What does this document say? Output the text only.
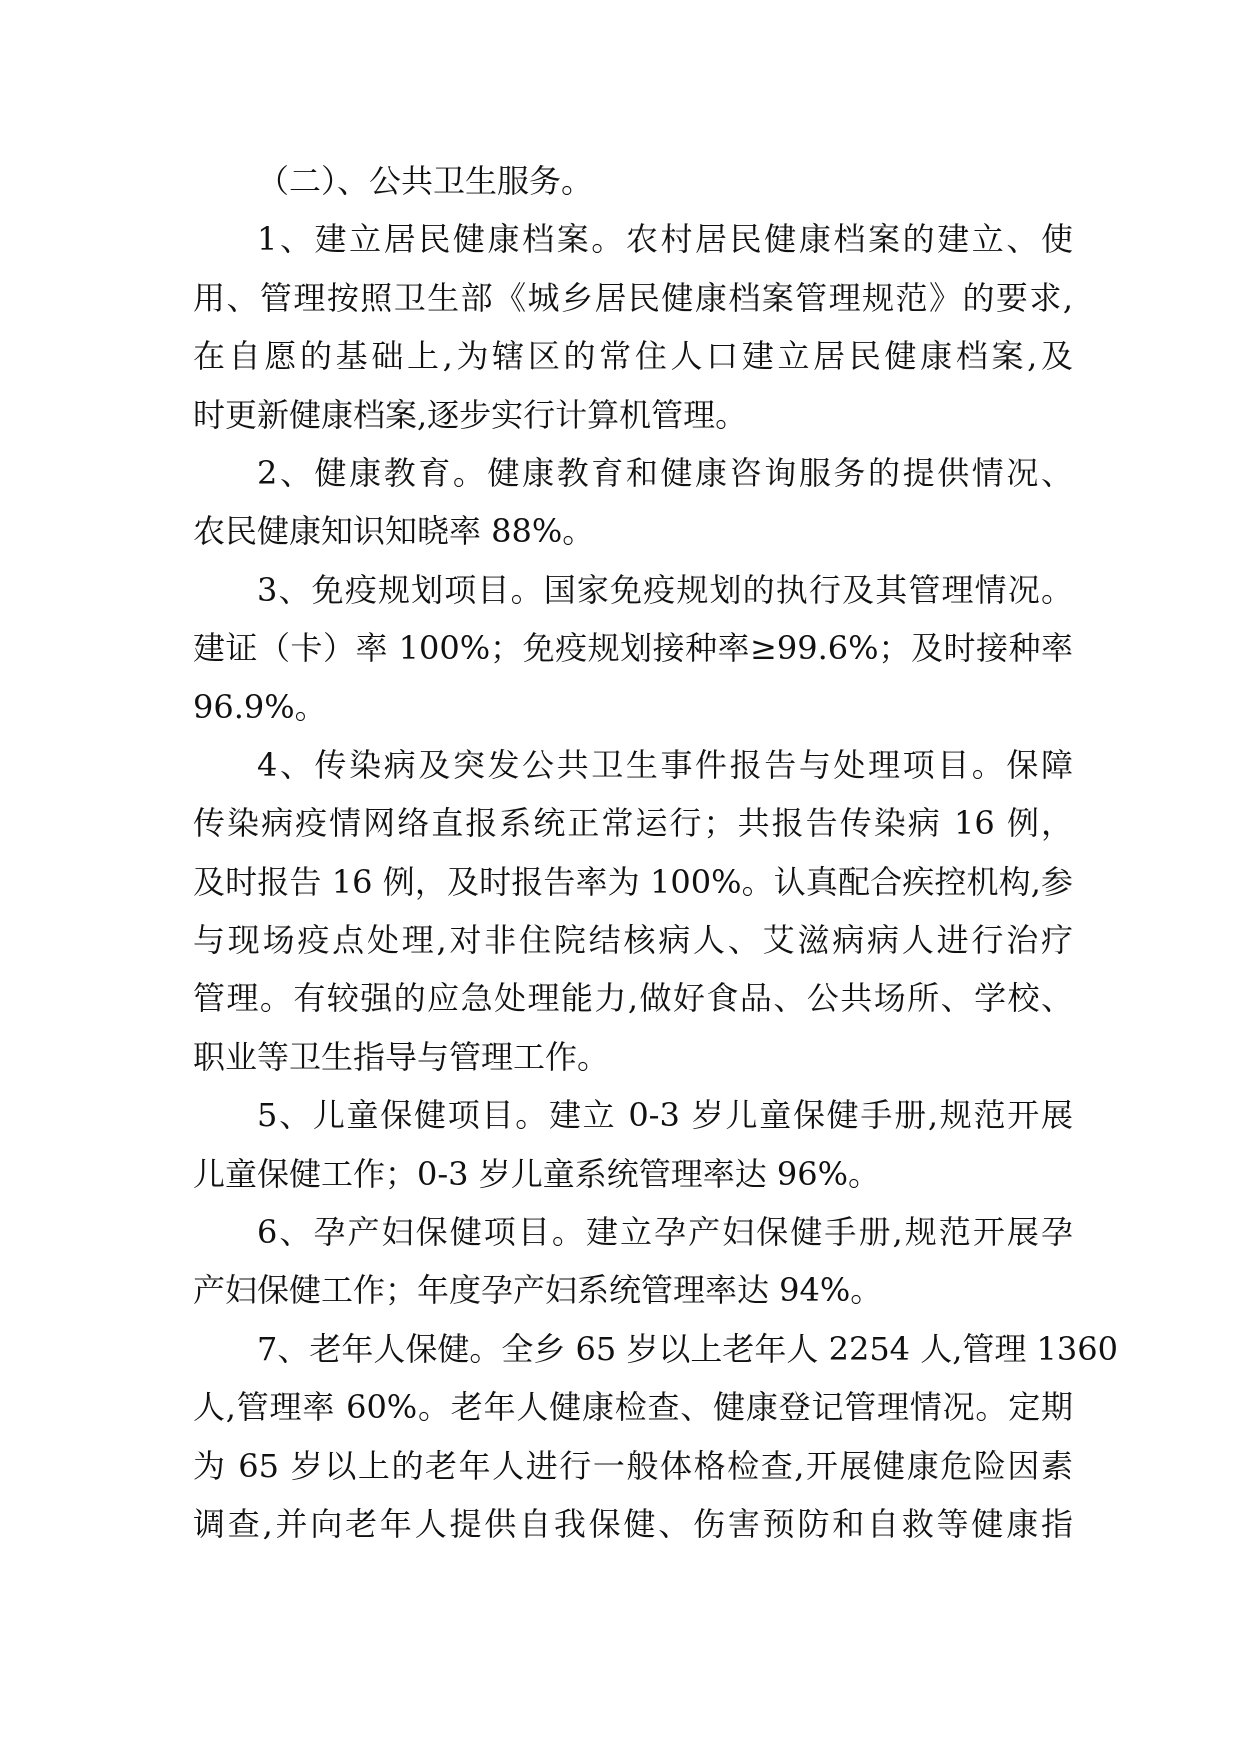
（二）、公共卫生服务。
1、建立居民健康档案。农村居民健康档案的建立、使
用、管理按照卫生部《城乡居民健康档案管理规范》的要求,
在自愿的基础上,为辖区的常住人口建立居民健康档案,及
时更新健康档案,逐步实行计算机管理。
2、健康教育。健康教育和健康咨询服务的提供情况、
农民健康知识知晓率 88%。
3、免疫规划项目。国家免疫规划的执行及其管理情况。
建证（卡）率 100%；免疫规划接种率≥99.6%；及时接种率
96.9%。
4、传染病及突发公共卫生事件报告与处理项目。保障
传染病疫情网络直报系统正常运行；共报告传染病 16 例，
及时报告 16 例，及时报告率为 100%。认真配合疾控机构,参
与现场疫点处理,对非住院结核病人、艾滋病病人进行治疗
管理。有较强的应急处理能力,做好食品、公共场所、学校、
职业等卫生指导与管理工作。
5、儿童保健项目。建立 0-3 岁儿童保健手册,规范开展
儿童保健工作；0-3 岁儿童系统管理率达 96%。
6、孕产妇保健项目。建立孕产妇保健手册,规范开展孕
产妇保健工作；年度孕产妇系统管理率达 94%。
7、老年人保健。全乡 65 岁以上老年人 2254 人,管理 1360
人,管理率 60%。老年人健康检查、健康登记管理情况。定期
为 65 岁以上的老年人进行一般体格检查,开展健康危险因素
调查,并向老年人提供自我保健、伤害预防和自救等健康指
